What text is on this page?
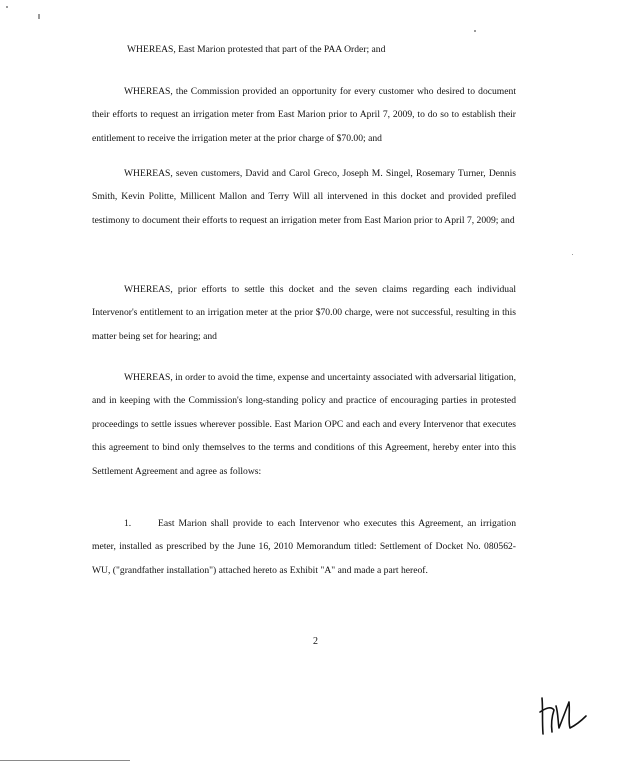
WHEREAS, East Marion protested that part of the PAA Order; and

WHEREAS, the Commission provided an opportunity for every customer who desired to document their efforts to request an irrigation meter from East Marion prior to April 7, 2009, to do so to establish their entitlement to receive the irrigation meter at the prior charge of $70.00; and

WHEREAS, seven customers, David and Carol Greco, Joseph M. Singel, Rosemary Turner, Dennis Smith, Kevin Politte, Millicent Mallon and Terry Will all intervened in this docket and provided prefiled testimony to document their efforts to request an irrigation meter from East Marion prior to April 7, 2009; and

WHEREAS, prior efforts to settle this docket and the seven claims regarding each individual Intervenor's entitlement to an irrigation meter at the prior $70.00 charge, were not successful, resulting in this matter being set for hearing; and

WHEREAS, in order to avoid the time, expense and uncertainty associated with adversarial litigation, and in keeping with the Commission's long-standing policy and practice of encouraging parties in protested proceedings to settle issues wherever possible. East Marion OPC and each and every Intervenor that executes this agreement to bind only themselves to the terms and conditions of this Agreement, hereby enter into this Settlement Agreement and agree as follows:

1.	East Marion shall provide to each Intervenor who executes this Agreement, an irrigation meter, installed as prescribed by the June 16, 2010 Memorandum titled: Settlement of Docket No. 080562-WU, ("grandfather installation") attached hereto as Exhibit "A" and made a part hereof.

2
